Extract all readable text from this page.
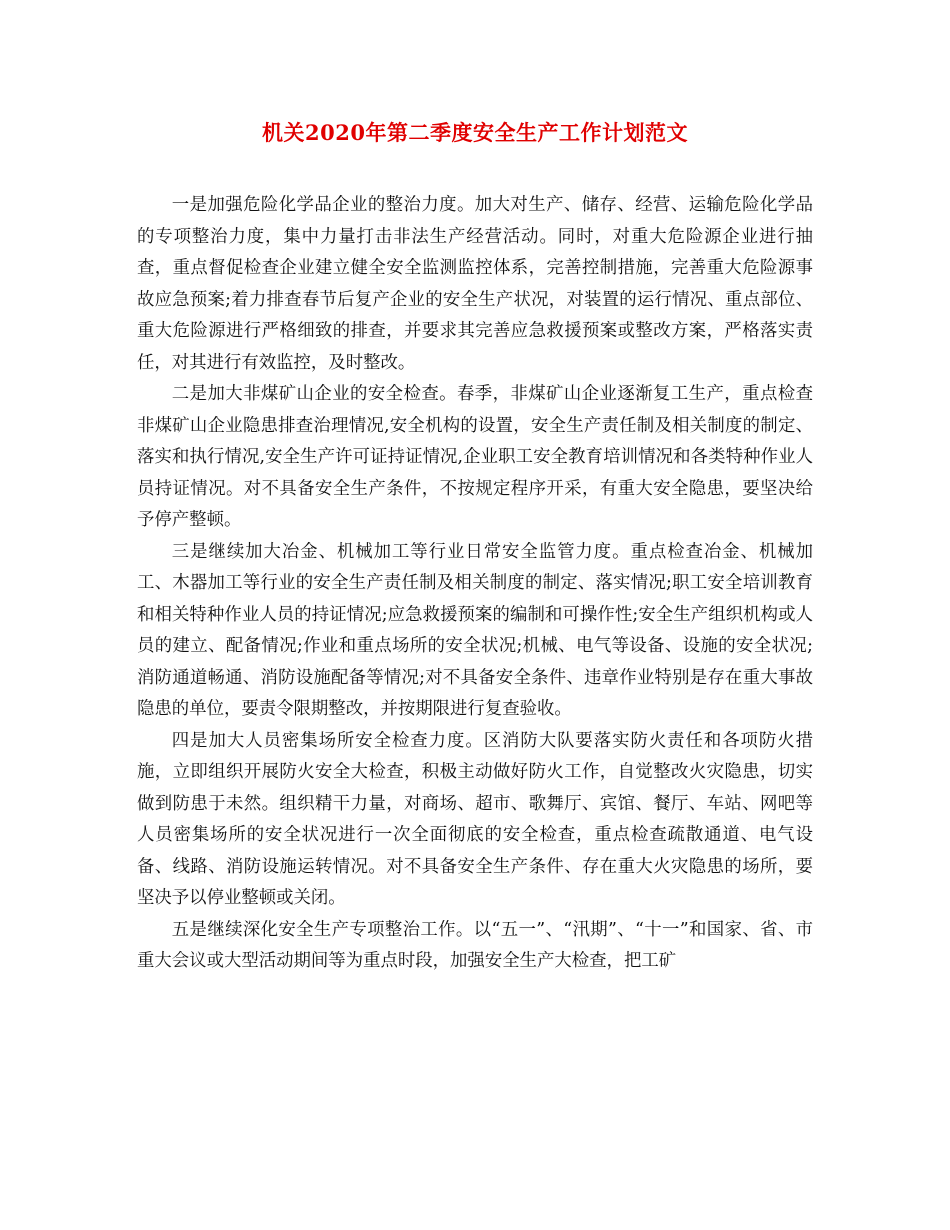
机关2020年第二季度安全生产工作计划范文

一是加强危险化学品企业的整治力度。加大对生产、储存、经营、运输危险化学品的专项整治力度，集中力量打击非法生产经营活动。同时，对重大危险源企业进行抽查，重点督促检查企业建立健全安全监测监控体系，完善控制措施，完善重大危险源事故应急预案;着力排查春节后复产企业的安全生产状况，对装置的运行情况、重点部位、重大危险源进行严格细致的排查，并要求其完善应急救援预案或整改方案，严格落实责任，对其进行有效监控，及时整改。

二是加大非煤矿山企业的安全检查。春季，非煤矿山企业逐渐复工生产，重点检查非煤矿山企业隐患排查治理情况,安全机构的设置，安全生产责任制及相关制度的制定、落实和执行情况,安全生产许可证持证情况,企业职工安全教育培训情况和各类特种作业人员持证情况。对不具备安全生产条件，不按规定程序开采，有重大安全隐患，要坚决给予停产整顿。

三是继续加大冶金、机械加工等行业日常安全监管力度。重点检查冶金、机械加工、木器加工等行业的安全生产责任制及相关制度的制定、落实情况;职工安全培训教育和相关特种作业人员的持证情况;应急救援预案的编制和可操作性;安全生产组织机构或人员的建立、配备情况;作业和重点场所的安全状况;机械、电气等设备、设施的安全状况;消防通道畅通、消防设施配备等情况;对不具备安全条件、违章作业特别是存在重大事故隐患的单位，要责令限期整改，并按期限进行复查验收。

四是加大人员密集场所安全检查力度。区消防大队要落实防火责任和各项防火措施，立即组织开展防火安全大检查，积极主动做好防火工作，自觉整改火灾隐患，切实做到防患于未然。组织精干力量，对商场、超市、歌舞厅、宾馆、餐厅、车站、网吧等人员密集场所的安全状况进行一次全面彻底的安全检查，重点检查疏散通道、电气设备、线路、消防设施运转情况。对不具备安全生产条件、存在重大火灾隐患的场所，要坚决予以停业整顿或关闭。

五是继续深化安全生产专项整治工作。以“五一”、“汛期”、“十一”和国家、省、市重大会议或大型活动期间等为重点时段，加强安全生产大检查，把工矿
